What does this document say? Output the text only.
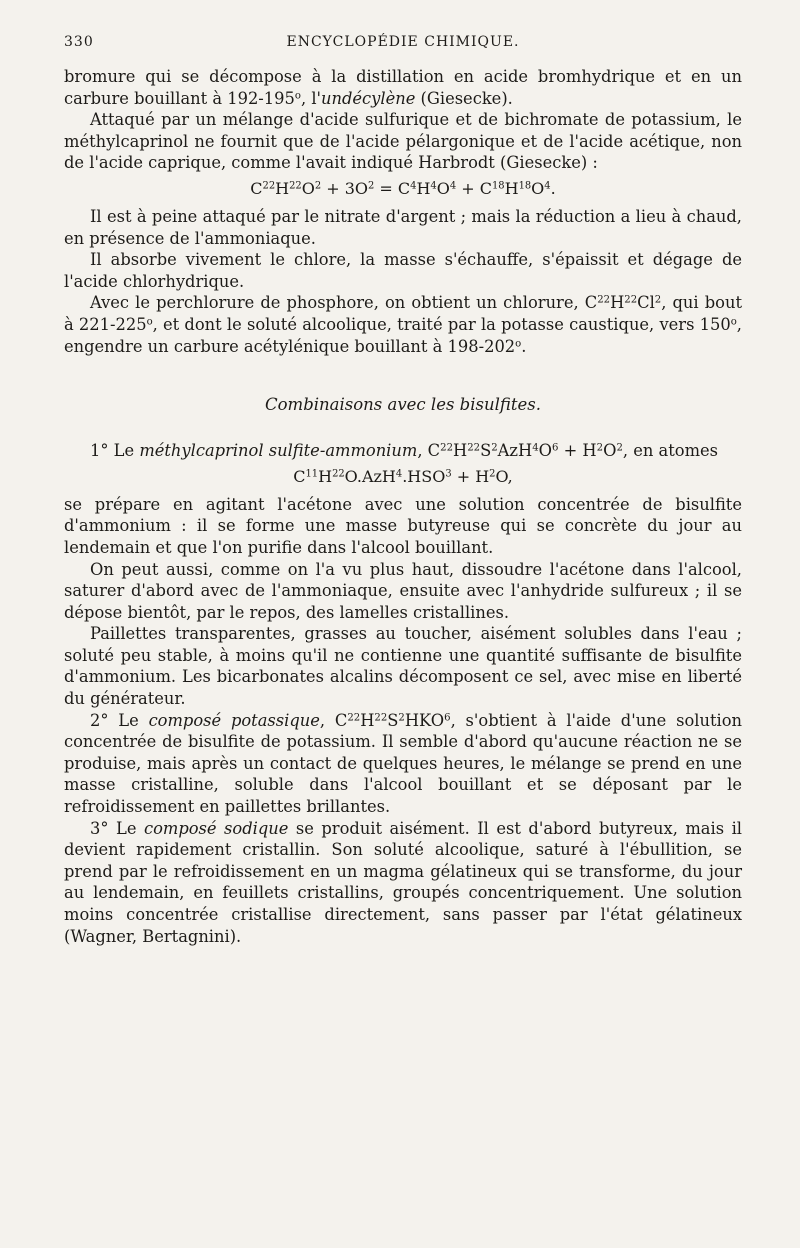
330	ENCYCLOPÉDIE CHIMIQUE.

bromure qui se décompose à la distillation en acide bromhydrique et en un carbure bouillant à 192-195$^o$, l'undécylène (Giesecke).

Attaqué par un mélange d'acide sulfurique et de bichromate de potassium, le méthylcaprinol ne fournit que de l'acide pélargonique et de l'acide acétique, non de l'acide caprique, comme l'avait indiqué Harbrodt (Giesecke) :

$C^{22}H^{22}O^2 + 3O^2 = C^4H^4O^4 + C^{18}H^{18}O^4$.

Il est à peine attaqué par le nitrate d'argent ; mais la réduction a lieu à chaud, en présence de l'ammoniaque.

Il absorbe vivement le chlore, la masse s'échauffe, s'épaissit et dégage de l'acide chlorhydrique.

Avec le perchlorure de phosphore, on obtient un chlorure, $C^{22}H^{22}Cl^2$, qui bout à 221-225$^o$, et dont le soluté alcoolique, traité par la potasse caustique, vers 150$^o$, engendre un carbure acétylénique bouillant à 198-202$^o$.

Combinaisons avec les bisulfites.

1° Le méthylcaprinol sulfite-ammonium, $C^{22}H^{22}S^2AzH^4O^6 + H^2O^2$, en atomes

$C^{11}H^{22}O.AzH^4.HSO^3 + H^2O$,

se prépare en agitant l'acétone avec une solution concentrée de bisulfite d'ammonium : il se forme une masse butyreuse qui se concrète du jour au lendemain et que l'on purifie dans l'alcool bouillant.

On peut aussi, comme on l'a vu plus haut, dissoudre l'acétone dans l'alcool, saturer d'abord avec de l'ammoniaque, ensuite avec l'anhydride sulfureux ; il se dépose bientôt, par le repos, des lamelles cristallines.

Paillettes transparentes, grasses au toucher, aisément solubles dans l'eau ; soluté peu stable, à moins qu'il ne contienne une quantité suffisante de bisulfite d'ammonium. Les bicarbonates alcalins décomposent ce sel, avec mise en liberté du générateur.

2° Le composé potassique, $C^{22}H^{22}S^2HKO^6$, s'obtient à l'aide d'une solution concentrée de bisulfite de potassium. Il semble d'abord qu'aucune réaction ne se produise, mais après un contact de quelques heures, le mélange se prend en une masse cristalline, soluble dans l'alcool bouillant et se déposant par le refroidissement en paillettes brillantes.

3° Le composé sodique se produit aisément. Il est d'abord butyreux, mais il devient rapidement cristallin. Son soluté alcoolique, saturé à l'ébullition, se prend par le refroidissement en un magma gélatineux qui se transforme, du jour au lendemain, en feuillets cristallins, groupés concentriquement. Une solution moins concentrée cristallise directement, sans passer par l'état gélatineux (Wagner, Bertagnini).
